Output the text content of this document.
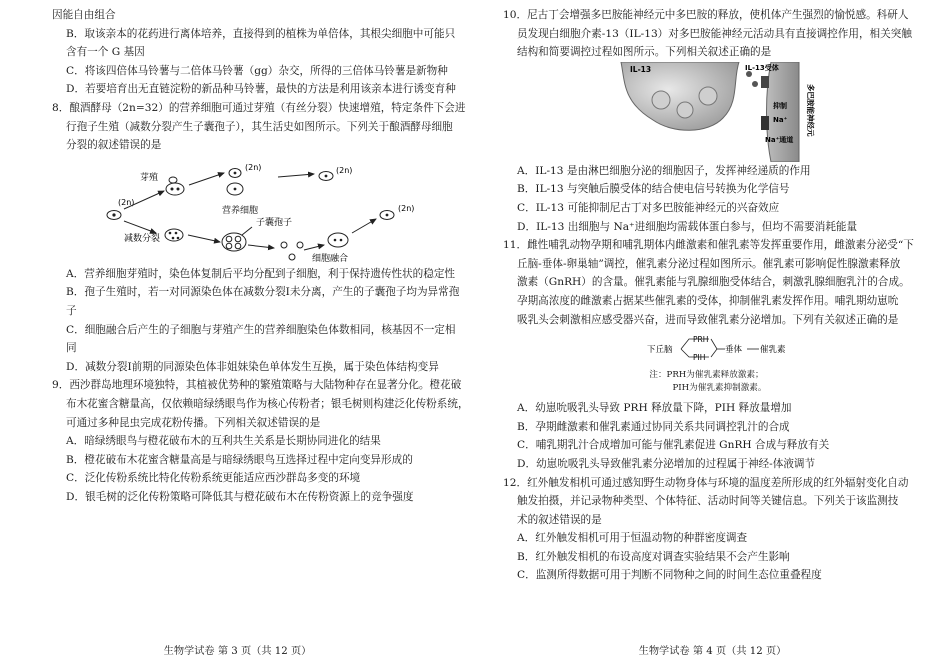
因能自由组合
B．取该亲本的花药进行离体培养，直接得到的植株为单倍体，其根尖细胞中可能只
含有一个 G 基因
C．将该四倍体马铃薯与二倍体马铃薯（gg）杂交，所得的三倍体马铃薯是新物种
D．若要培育出无直链淀粉的新品种马铃薯，最快的方法是利用该亲本进行诱变育种
8．酿酒酵母（2n=32）的营养细胞可通过芽殖（有丝分裂）快速增殖，特定条件下会进
行孢子生殖（减数分裂产生子囊孢子），其生活史如图所示。下列关于酿酒酵母细胞
分裂的叙述错误的是
(2n)
芽殖
(2n)
营养细胞
(2n)
减数分裂
子囊孢子
细胞融合
(2n)
A．营养细胞芽殖时，染色体复制后平均分配到子细胞，利于保持遗传性状的稳定性
B．孢子生殖时，若一对同源染色体在减数分裂I未分离，产生的子囊孢子均为异常孢
子
C．细胞融合后产生的子细胞与芽殖产生的营养细胞染色体数相同，核基因不一定相
同
D．减数分裂I前期的同源染色体非姐妹染色单体发生互换，属于染色体结构变异
9．西沙群岛地理环境独特，其植被优势种的繁殖策略与大陆物种存在显著分化。橙花破
布木花蜜含糖量高，仅依赖暗绿绣眼鸟作为核心传粉者；银毛树则构建泛化传粉系统，
可通过多种昆虫完成花粉传播。下列相关叙述错误的是
A．暗绿绣眼鸟与橙花破布木的互利共生关系是长期协同进化的结果
B．橙花破布木花蜜含糖量高是与暗绿绣眼鸟互选择过程中定向变异形成的
C．泛化传粉系统比特化传粉系统更能适应西沙群岛多变的环境
D．银毛树的泛化传粉策略可降低其与橙花破布木在传粉资源上的竞争强度
生物学试卷 第 3 页（共 12 页）
10．尼古丁会增强多巴胺能神经元中多巴胺的释放，使机体产生强烈的愉悦感。科研人
员发现白细胞介素-13（IL-13）对多巴胺能神经元活动具有直接调控作用，相关突触
结构和简要调控过程如图所示。下列相关叙述正确的是
IL-13	IL-13受体
抑制
Na⁺
Na⁺通道
多巴胺能神经元
A．IL-13 是由淋巴细胞分泌的细胞因子，发挥神经递质的作用
B．IL-13 与突触后膜受体的结合使电信号转换为化学信号
C．IL-13 可能抑制尼古丁对多巴胺能神经元的兴奋效应
D．IL-13 出细胞与 Na⁺进细胞均需载体蛋白参与，但均不需要消耗能量
11．雌性哺乳动物孕期和哺乳期体内雌激素和催乳素等发挥重要作用，雌激素分泌受“下
丘脑-垂体-卵巢轴”调控，催乳素分泌过程如图所示。催乳素可影响促性腺激素释放
激素（GnRH）的含量。催乳素能与乳腺细胞受体结合，刺激乳腺细胞乳汁的合成。
孕期高浓度的雌激素占据某些催乳素的受体，抑制催乳素发挥作用。哺乳期幼崽吮
吸乳头会刺激相应感受器兴奋，进而导致催乳素分泌增加。下列有关叙述正确的是
下丘脑
PRH
PIH
垂体 催乳素
注：PRH为催乳素释放激素；
PIH为催乳素抑制激素。
A．幼崽吮吸乳头导致 PRH 释放量下降，PIH 释放量增加
B．孕期雌激素和催乳素通过协同关系共同调控乳汁的合成
C．哺乳期乳汁合成增加可能与催乳素促进 GnRH 合成与释放有关
D．幼崽吮吸乳头导致催乳素分泌增加的过程属于神经-体液调节
12．红外触发相机可通过感知野生动物身体与环境的温度差所形成的红外辐射变化自动
触发拍摄，并记录物种类型、个体特征、活动时间等关键信息。下列关于该监测技
术的叙述错误的是
A．红外触发相机可用于恒温动物的种群密度调查
B．红外触发相机的布设高度对调查实验结果不会产生影响
C．监测所得数据可用于判断不同物种之间的时间生态位重叠程度
生物学试卷 第 4 页（共 12 页）
